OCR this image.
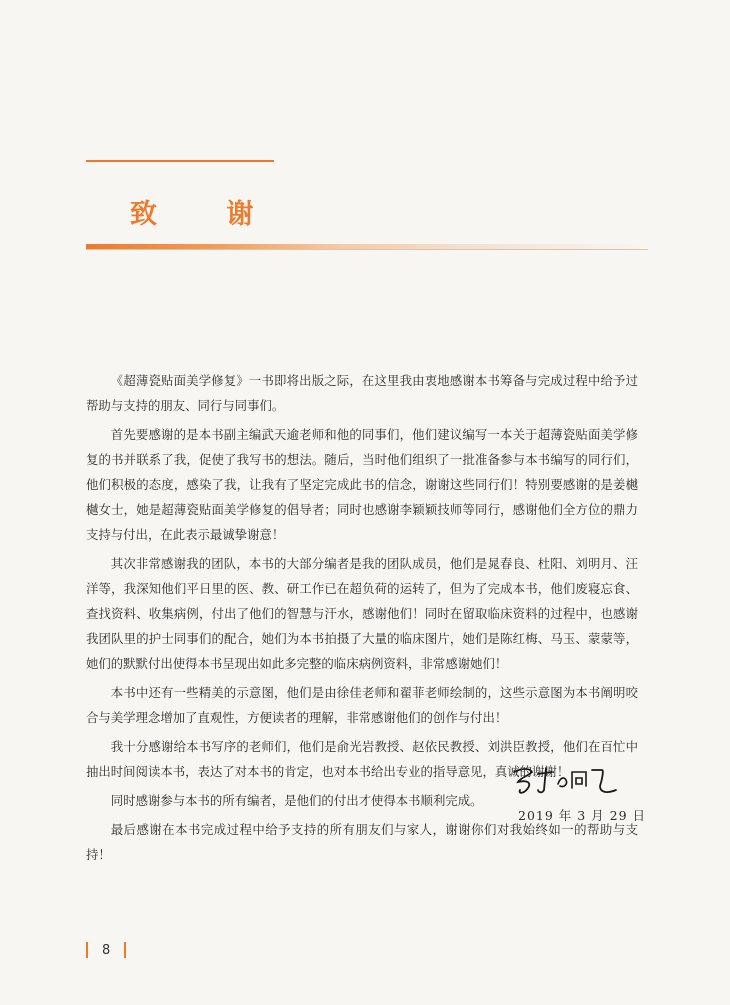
致 谢

《超薄瓷贴面美学修复》一书即将出版之际，在这里我由衷地感谢本书筹备与完成过程中给予过帮助与支持的朋友、同行与同事们。

首先要感谢的是本书副主编武天逾老师和他的同事们，他们建议编写一本关于超薄瓷贴面美学修复的书并联系了我，促使了我写书的想法。随后，当时他们组织了一批准备参与本书编写的同行们，他们积极的态度，感染了我，让我有了坚定完成此书的信念，谢谢这些同行们！特别要感谢的是姜樾樾女士，她是超薄瓷贴面美学修复的倡导者；同时也感谢李颖颖技师等同行，感谢他们全方位的鼎力支持与付出，在此表示最诚挚谢意！

其次非常感谢我的团队，本书的大部分编者是我的团队成员，他们是晁春良、杜阳、刘明月、汪洋等，我深知他们平日里的医、教、研工作已在超负荷的运转了，但为了完成本书，他们废寝忘食、查找资料、收集病例，付出了他们的智慧与汗水，感谢他们！同时在留取临床资料的过程中，也感谢我团队里的护士同事们的配合，她们为本书拍摄了大量的临床图片，她们是陈红梅、马玉、蒙蒙等，她们的默默付出使得本书呈现出如此多完整的临床病例资料，非常感谢她们！

本书中还有一些精美的示意图，他们是由徐佳老师和翟菲老师绘制的，这些示意图为本书阐明咬合与美学理念增加了直观性，方便读者的理解，非常感谢他们的创作与付出！

我十分感谢给本书写序的老师们，他们是俞光岩教授、赵依民教授、刘洪臣教授，他们在百忙中抽出时间阅读本书，表达了对本书的肯定，也对本书给出专业的指导意见，真诚的谢谢！

同时感谢参与本书的所有编者，是他们的付出才使得本书顺利完成。

最后感谢在本书完成过程中给予支持的所有朋友们与家人，谢谢你们对我始终如一的帮助与支持！

2019 年 3 月 29 日
8
